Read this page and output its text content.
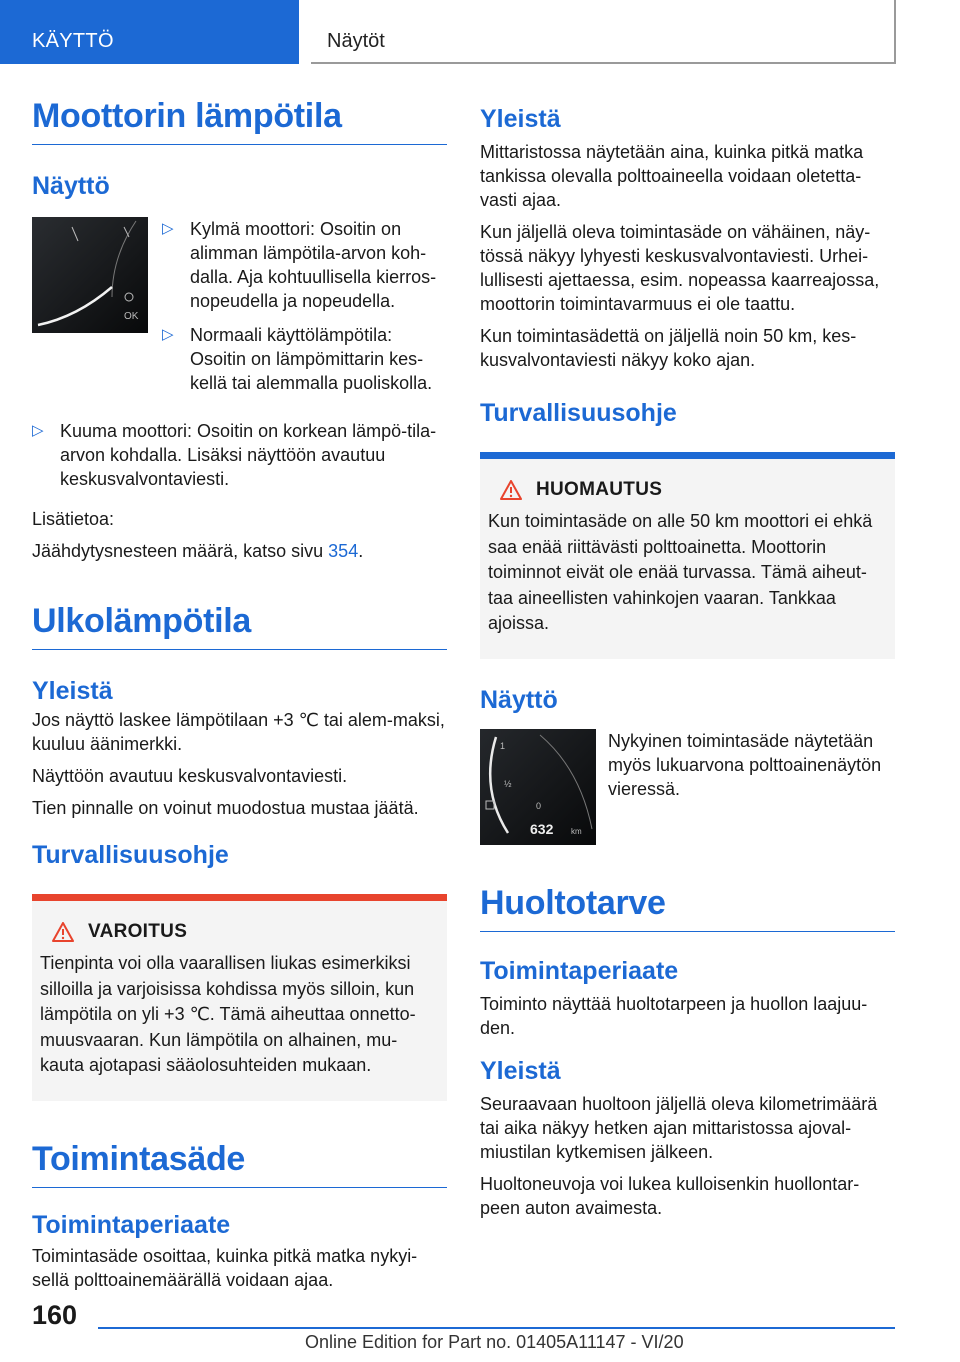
KÄYTTÖ	Näytöt
Moottorin lämpötila
Näyttö
OK
▷ Kylmä moottori: Osoitin on alimman lämpötila-arvon koh-dalla. Aja kohtuullisella kierros-nopeudella ja nopeudella.
▷ Normaali käyttölämpötila: Osoitin on lämpömittarin kes-kellä tai alemmalla puoliskolla.
▷ Kuuma moottori: Osoitin on korkean lämpö-tila-arvon kohdalla. Lisäksi näyttöön avautuu keskusvalvontaviesti.

Lisätietoa:

Jäähdytysnesteen määrä, katso sivu 354.

Ulkolämpötila
Yleistä

Jos näyttö laskee lämpötilaan +3 ℃ tai alem-maksi, kuuluu äänimerkki.

Näyttöön avautuu keskusvalvontaviesti.

Tien pinnalle on voinut muodostua mustaa jäätä.

Turvallisuusohje
VAROITUS

Tienpinta voi olla vaarallisen liukas esimerkiksi silloilla ja varjoisissa kohdissa myös silloin, kun lämpötila on yli +3 ℃. Tämä aiheuttaa onnetto-muusvaaran. Kun lämpötila on alhainen, mu-kauta ajotapasi sääolosuhteiden mukaan.

Toimintasäde
Toimintaperiaate

Toimintasäde osoittaa, kuinka pitkä matka nykyi-sellä polttoainemäärällä voidaan ajaa.

Yleistä

Mittaristossa näytetään aina, kuinka pitkä matka tankissa olevalla polttoaineella voidaan oletetta-vasti ajaa.

Kun jäljellä oleva toimintasäde on vähäinen, näy-tössä näkyy lyhyesti keskusvalvontaviesti. Urhei-lullisesti ajettaessa, esim. nopeassa kaarreajossa, moottorin toimintavarmuus ei ole taattu.

Kun toimintasädettä on jäljellä noin 50 km, kes-kusvalvontaviesti näkyy koko ajan.

Turvallisuusohje
HUOMAUTUS

Kun toimintasäde on alle 50 km moottori ei ehkä saa enää riittävästi polttoainetta. Moottorin toiminnot eivät ole enää turvassa. Tämä aiheut-taa aineellisten vahinkojen vaaran. Tankkaa ajoissa.

Näyttö
1
½
0
632 km

Nykyinen toimintasäde näytetään myös lukuarvona polttoainenäytön vieressä.

Huoltotarve
Toimintaperiaate

Toiminto näyttää huoltotarpeen ja huollon laajuu-den.

Yleistä

Seuraavaan huoltoon jäljellä oleva kilometrimäärä tai aika näkyy hetken ajan mittaristossa ajoval-miustilan kytkemisen jälkeen.

Huoltoneuvoja voi lukea kulloisenkin huollontar-peen auton avaimesta.

160
Online Edition for Part no. 01405A11147 - VI/20
